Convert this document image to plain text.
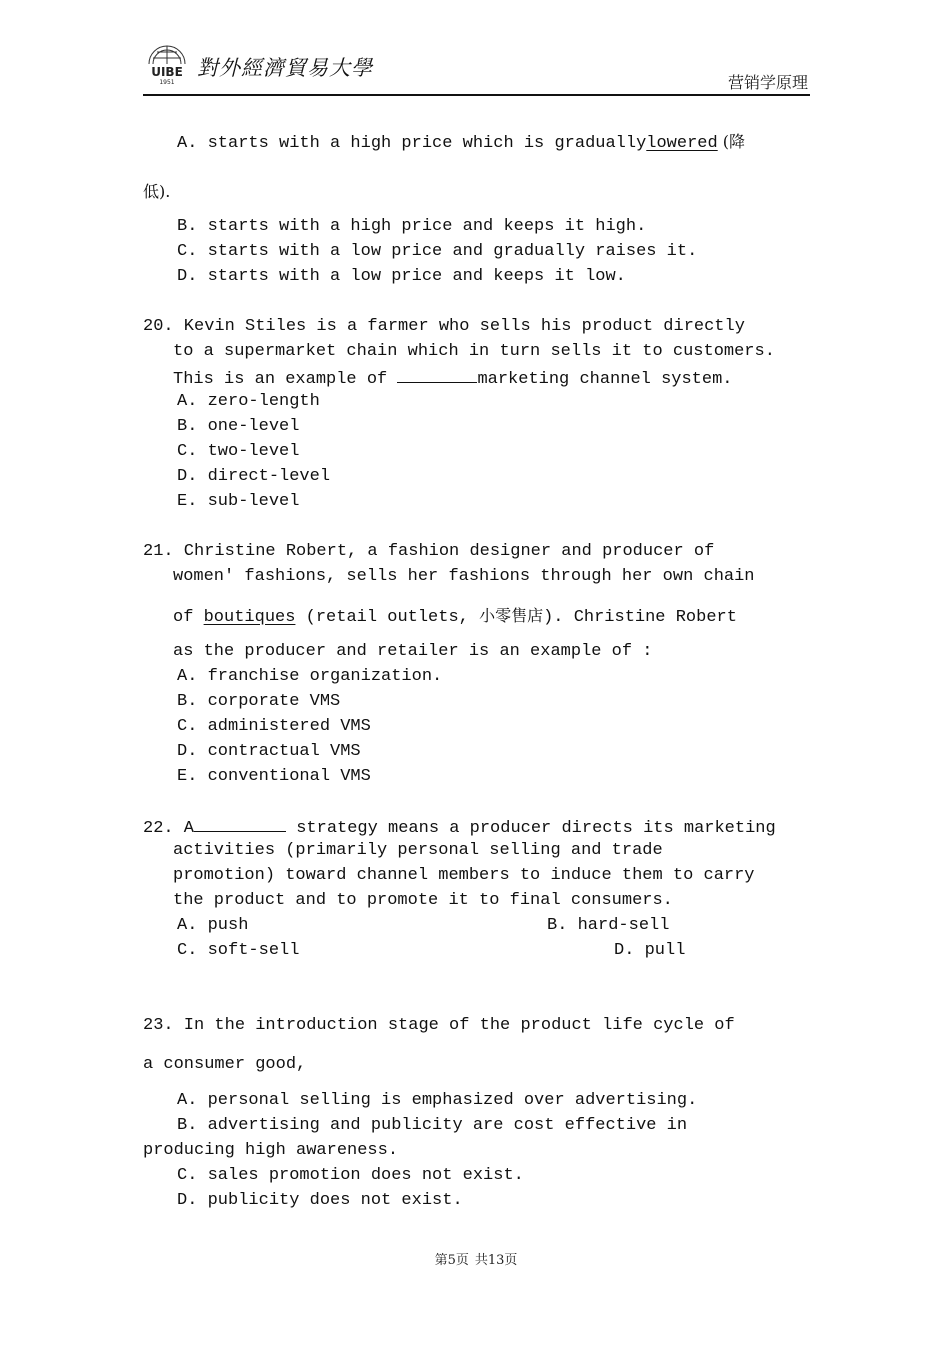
UIBE
1951
對外經濟貿易大學
营销学原理
A. starts with a high price which is graduallylowered (降
低).
B. starts with a high price and keeps it high.
C. starts with a low price and gradually raises it.
D. starts with a low price and keeps it low.
20. Kevin Stiles is a farmer who sells his product directly
to a supermarket chain which in turn sells it to customers.
This is an example of	marketing channel system.
A. zero-length
B. one-level
C. two-level
D. direct-level
E. sub-level
21. Christine Robert, a fashion designer and producer of
women' fashions, sells her fashions through her own chain
of boutiques (retail outlets, 小零售店). Christine Robert
as the producer and retailer is an example of :
A. franchise organization.
B. corporate VMS
C. administered VMS
D. contractual VMS
E. conventional VMS
22. A	strategy means a producer directs its marketing
activities (primarily personal selling and trade
promotion) toward channel members to induce them to carry
the product and to promote it to final consumers.
A. push	B. hard-sell
C. soft-sell	D. pull
23. In the introduction stage of the product life cycle of
a consumer good,
A. personal selling is emphasized over advertising.
B. advertising and publicity are cost effective in
producing high awareness.
C. sales promotion does not exist.
D. publicity does not exist.
第5页 共13页
